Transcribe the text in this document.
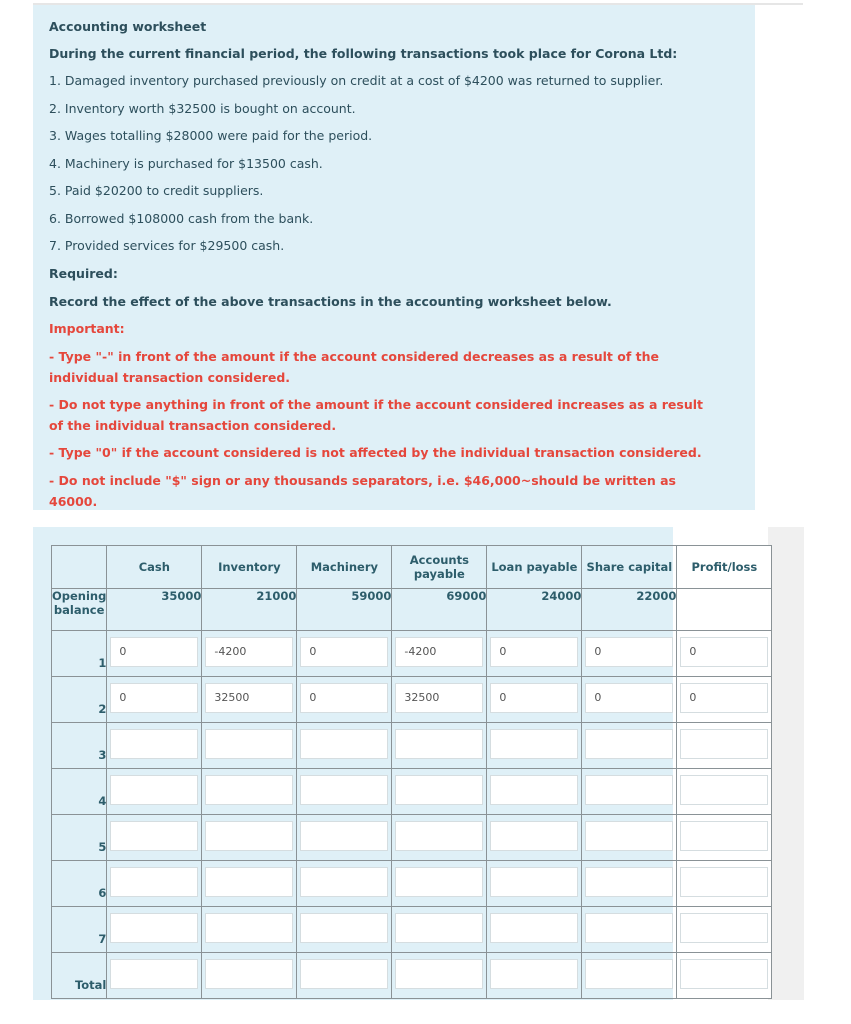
Accounting worksheet
During the current financial period, the following transactions took place for Corona Ltd:
1. Damaged inventory purchased previously on credit at a cost of $4200 was returned to supplier.
2. Inventory worth $32500 is bought on account.
3. Wages totalling $28000 were paid for the period.
4. Machinery is purchased for $13500 cash.
5. Paid $20200 to credit suppliers.
6. Borrowed $108000 cash from the bank.
7. Provided services for $29500 cash.
Required:
Record the effect of the above transactions in the accounting worksheet below.
Important:
- Type "-" in front of the amount if the account considered decreases as a result of the individual transaction considered.
- Do not type anything in front of the amount if the account considered increases as a result of the individual transaction considered.
- Type "0" if the account considered is not affected by the individual transaction considered.
- Do not include "$" sign or any thousands separators, i.e. $46,000~should be written as 46000.
	Cash	Inventory	Machinery	Accounts payable	Loan payable	Share capital	Profit/loss
Opening balance	35000	21000	59000	69000	24000	22000	
1	0	-4200	0	-4200	0	0	0

2	0	32500	0	32500	0	0	0

3	

4	

5	

6	

7	

Total	
